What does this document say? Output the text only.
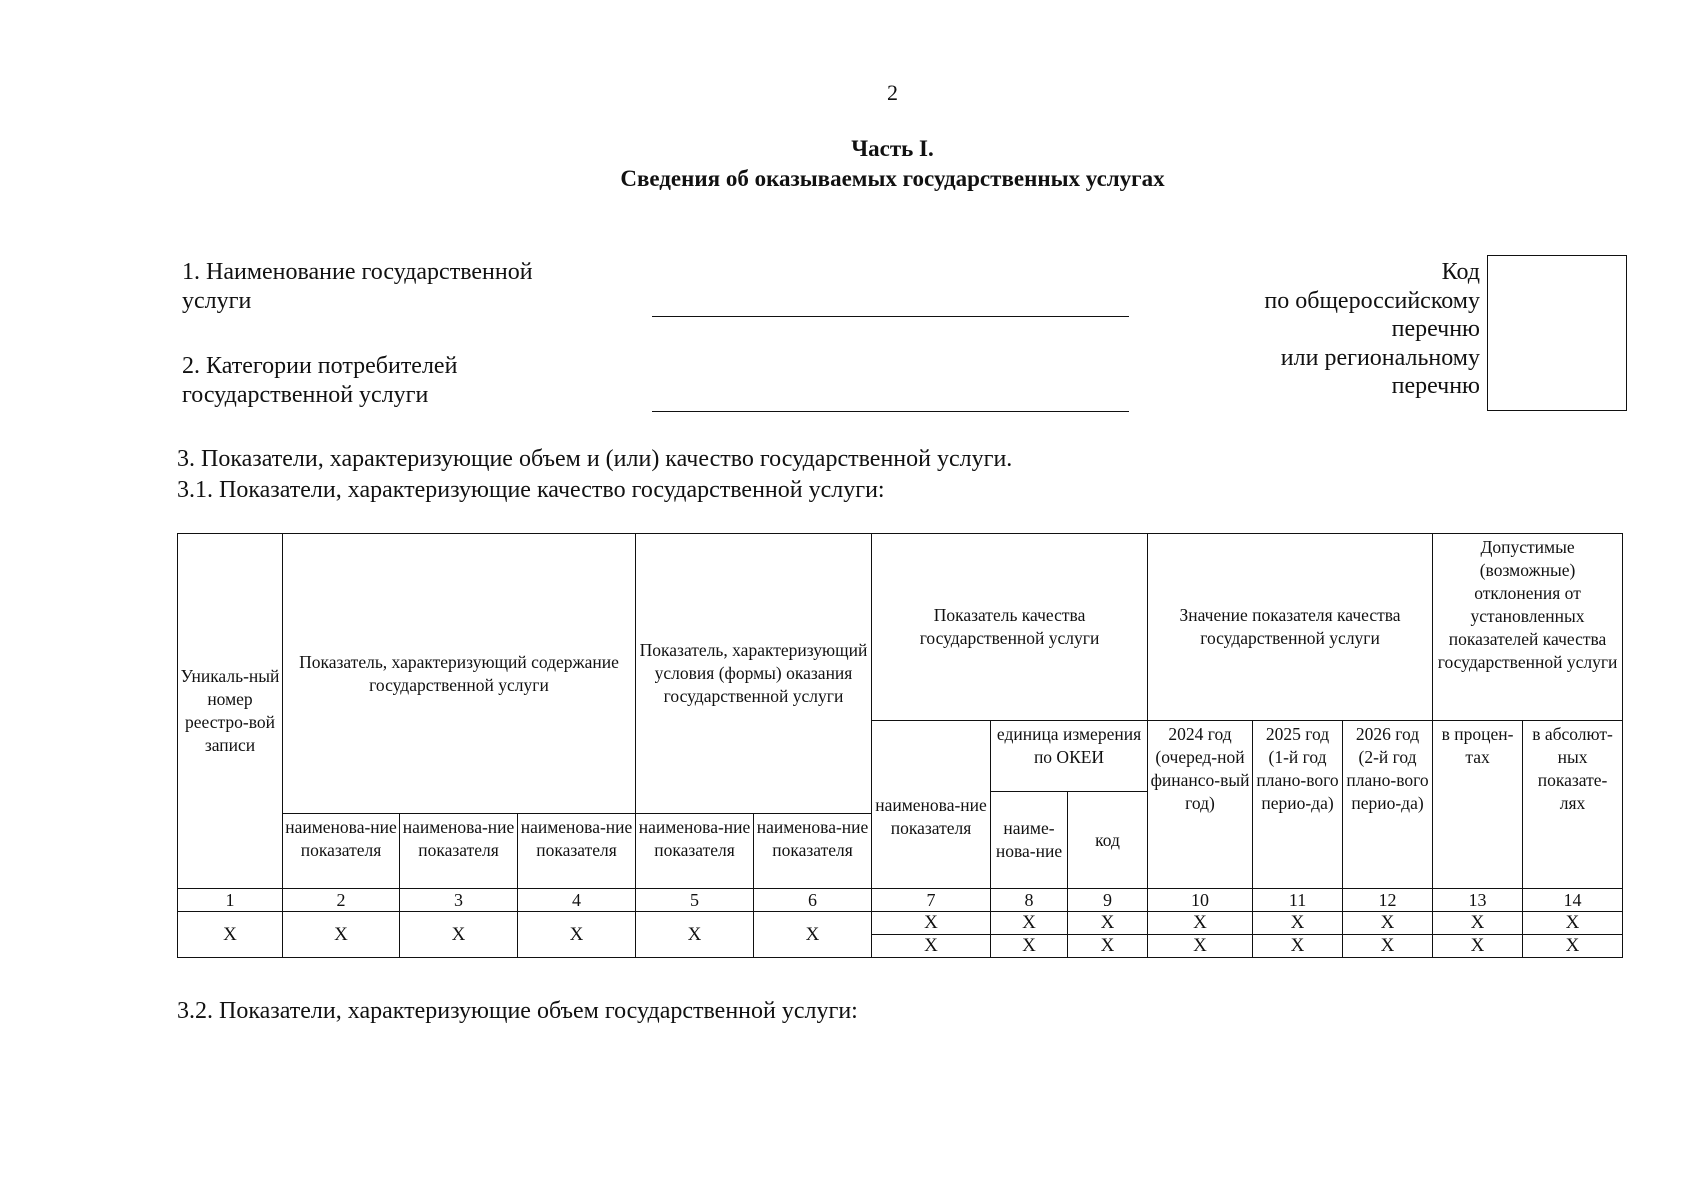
2
Часть I.
Сведения об оказываемых государственных услугах
1. Наименование государственной
услуги
2. Категории потребителей
государственной услуги
Код
по общероссийскому
перечню
или региональному
перечню
3. Показатели, характеризующие объем и (или) качество государственной услуги.
3.1. Показатели, характеризующие качество государственной услуги:
Уникаль-ный номер реестро-вой записи	Показатель, характеризующий содержание государственной услуги			Показатель, характеризующий условия (формы) оказания государственной услуги		Показатель качества государственной услуги			Значение показателя качества государственной услуги			Допустимые (возможные) отклонения от установленных показателей качества государственной услуги	
						наименова-ние показателя	единица измерения по ОКЕИ		2024 год (очеред-ной финансо-вый год)	2025 год (1-й год плано-вого перио-да)	2026 год (2-й год плано-вого перио-да)	в процен-тах	в абсолют-ных показате-лях
							наиме-нова-ние	код					
	наименова-ние показателя	наименова-ние показателя	наименова-ние показателя	наименова-ние показателя	наименова-ние показателя								
1	2	3	4	5	6	7	8	9	10	11	12	13	14
X	X	X	X	X	X	X	X	X	X	X	X	X	X
						X	X	X	X	X	X	X	X
3.2. Показатели, характеризующие объем государственной услуги:
